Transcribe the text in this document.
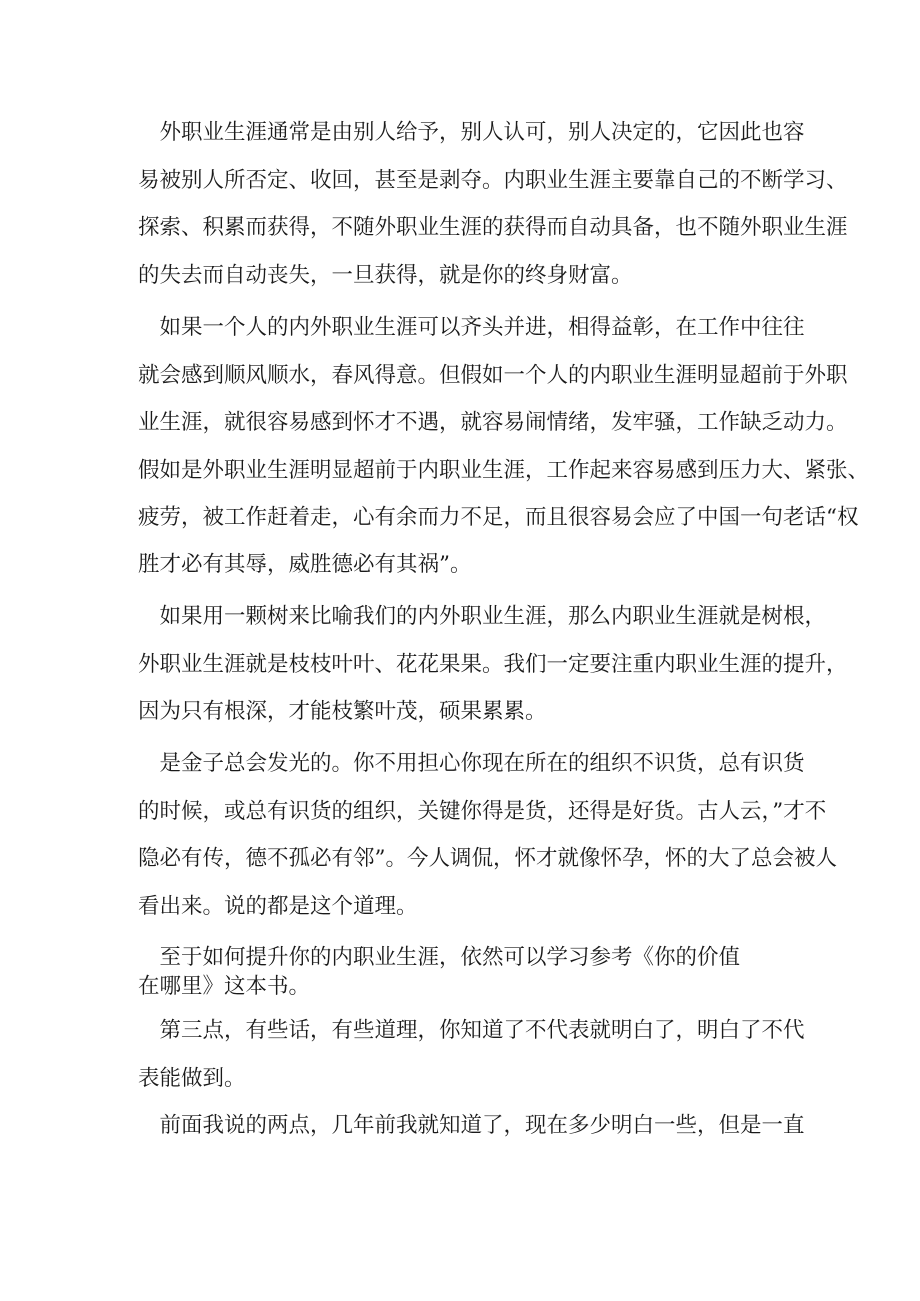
　外职业生涯通常是由别人给予，别人认可，别人决定的，它因此也容

易被别人所否定、收回，甚至是剥夺。内职业生涯主要靠自己的不断学习、

探索、积累而获得，不随外职业生涯的获得而自动具备，也不随外职业生涯

的失去而自动丧失，一旦获得，就是你的终身财富。

　如果一个人的内外职业生涯可以齐头并进，相得益彰，在工作中往往

就会感到顺风顺水，春风得意。但假如一个人的内职业生涯明显超前于外职

业生涯，就很容易感到怀才不遇，就容易闹情绪，发牢骚，工作缺乏动力。

假如是外职业生涯明显超前于内职业生涯，工作起来容易感到压力大、紧张、

疲劳，被工作赶着走，心有余而力不足，而且很容易会应了中国一句老话“权

胜才必有其辱，威胜德必有其祸”。

　如果用一颗树来比喻我们的内外职业生涯，那么内职业生涯就是树根，

外职业生涯就是枝枝叶叶、花花果果。我们一定要注重内职业生涯的提升，

因为只有根深，才能枝繁叶茂，硕果累累。

　是金子总会发光的。你不用担心你现在所在的组织不识货，总有识货

的时候，或总有识货的组织，关键你得是货，还得是好货。古人云，”才不

隐必有传，德不孤必有邻”。今人调侃，怀才就像怀孕，怀的大了总会被人

看出来。说的都是这个道理。

　至于如何提升你的内职业生涯，依然可以学习参考《你的价值

在哪里》这本书。

　第三点，有些话，有些道理，你知道了不代表就明白了，明白了不代

表能做到。

　前面我说的两点，几年前我就知道了，现在多少明白一些，但是一直
